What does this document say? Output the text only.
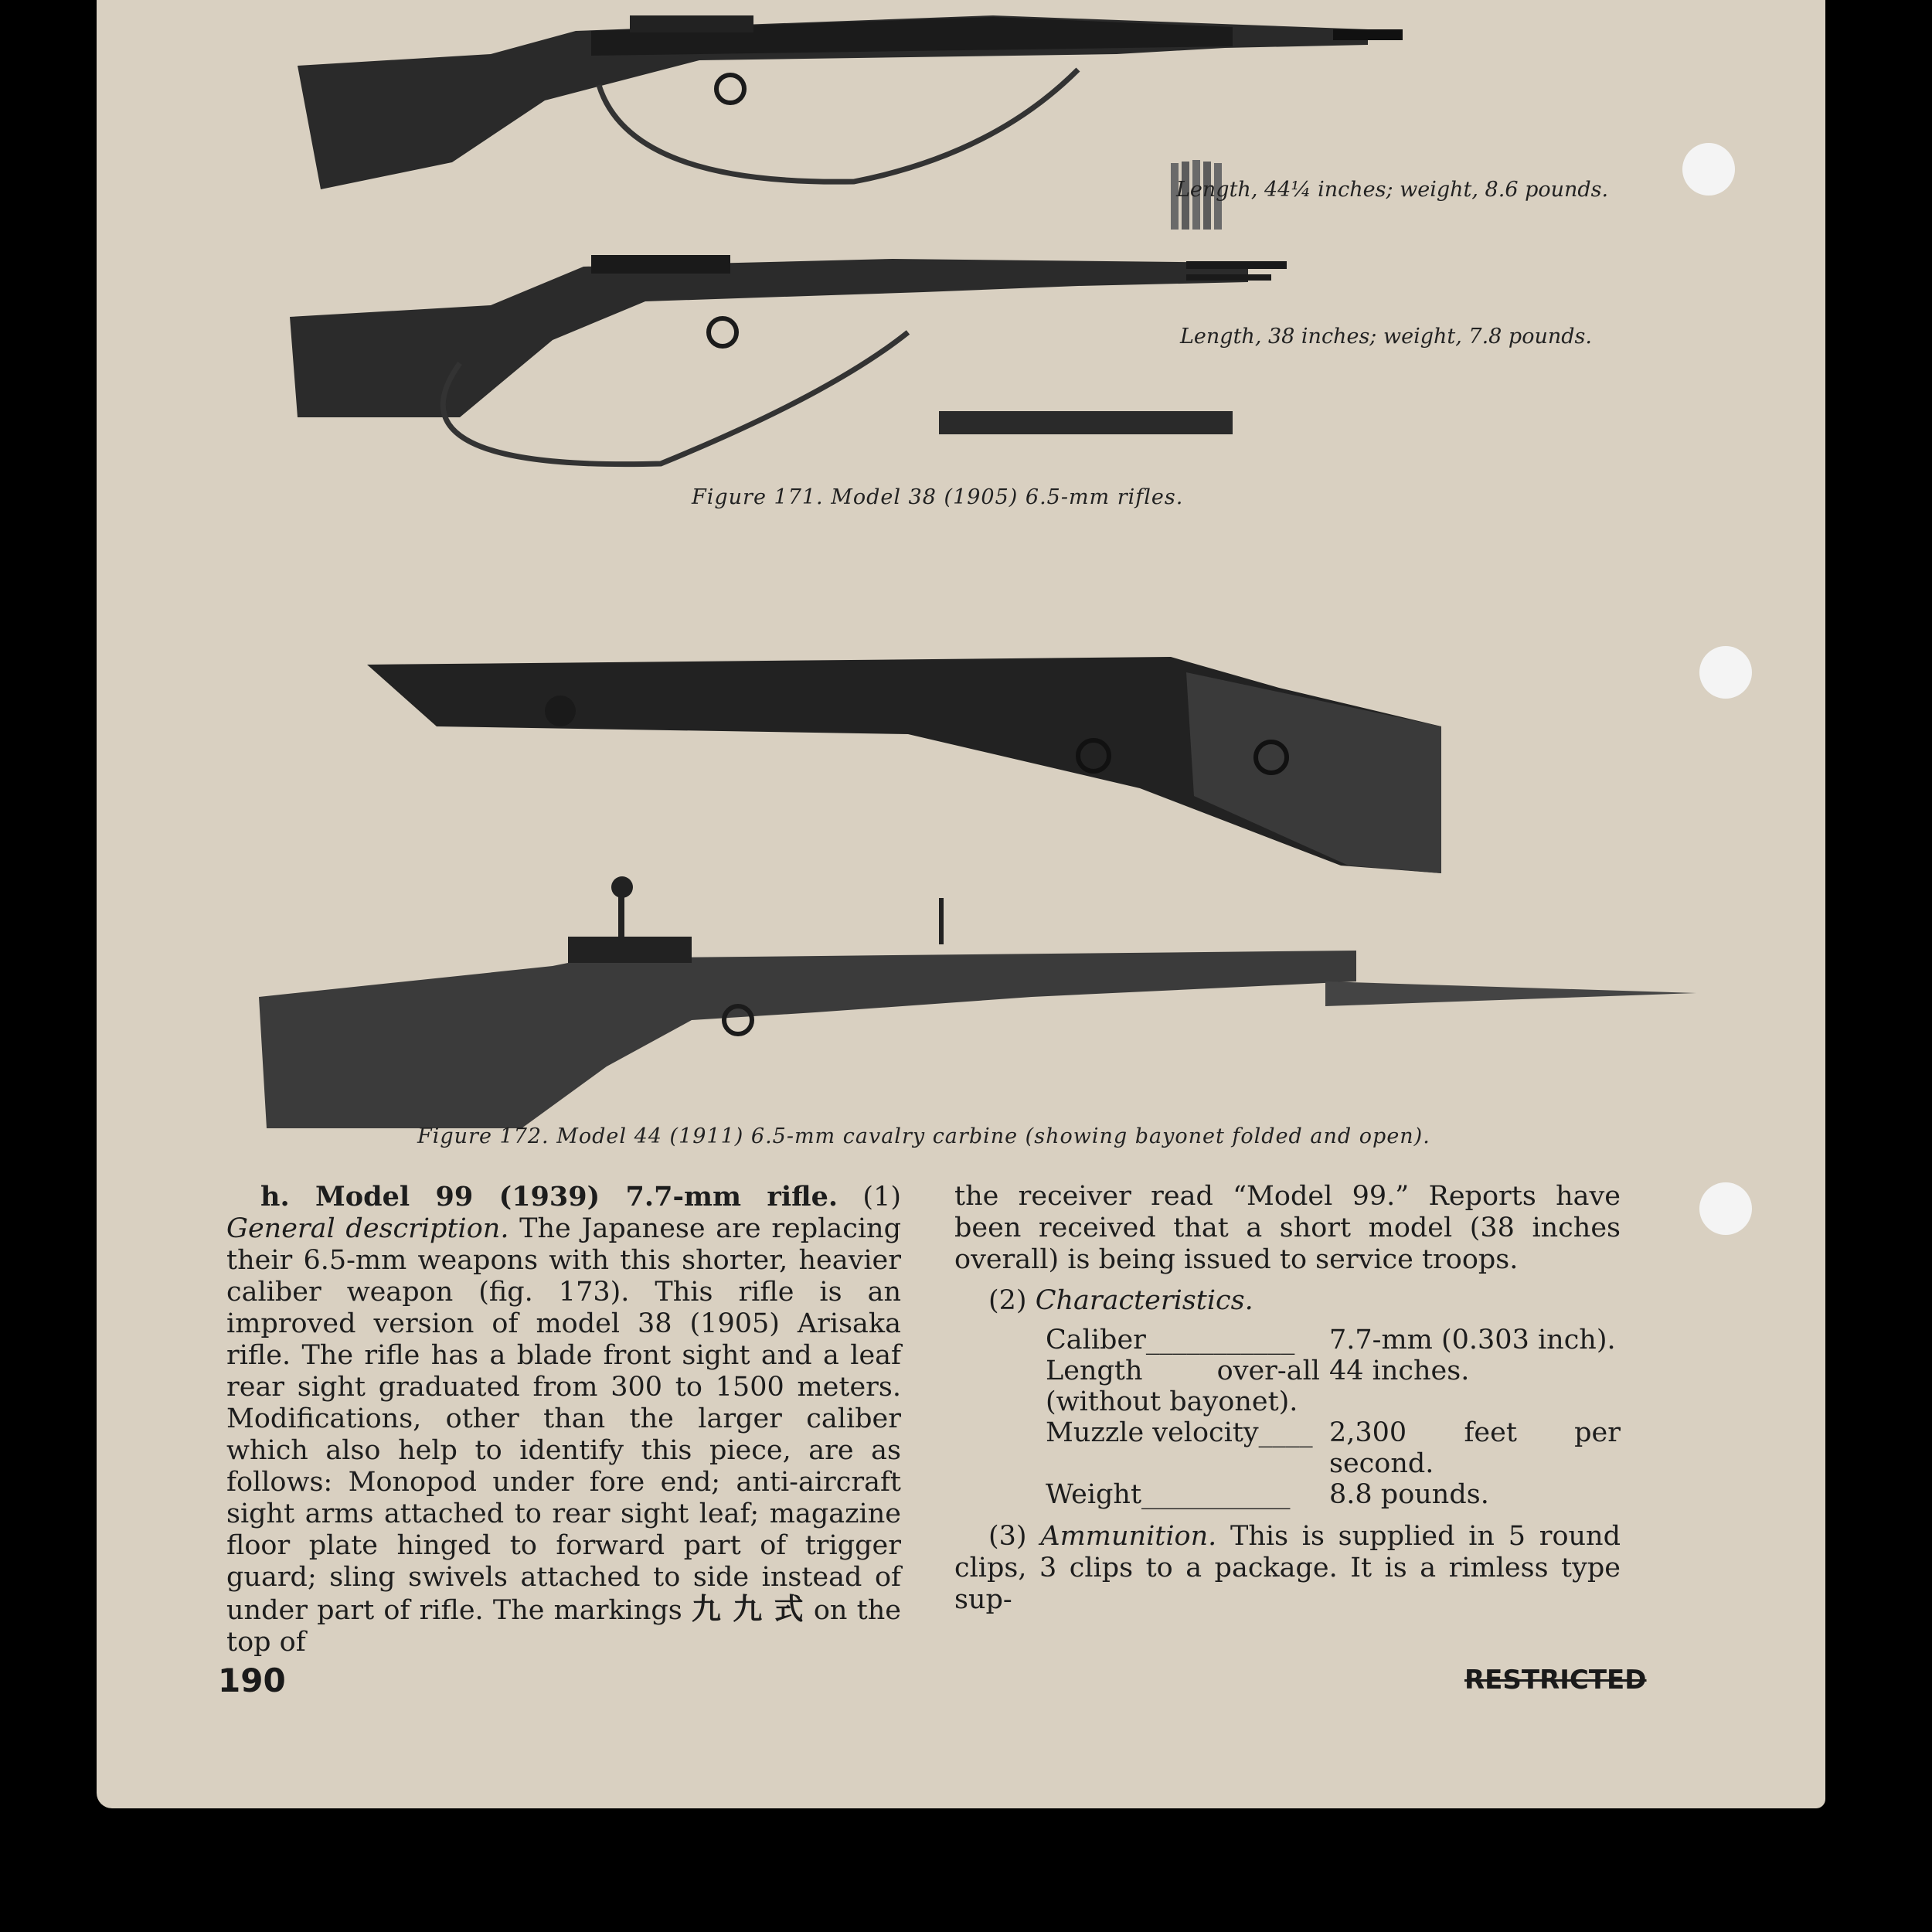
Length, 44¼ inches; weight, 8.6 pounds.
Length, 38 inches; weight, 7.8 pounds.
Figure 171. Model 38 (1905) 6.5-mm rifles.
Figure 172. Model 44 (1911) 6.5-mm cavalry carbine (showing bayonet folded and open).

h. Model 99 (1939) 7.7-mm rifle. (1) General description. The Japanese are replacing their 6.5-mm weapons with this shorter, heavier caliber weapon (fig. 173). This rifle is an improved version of model 38 (1905) Arisaka rifle. The rifle has a blade front sight and a leaf rear sight graduated from 300 to 1500 meters. Modifications, other than the larger caliber which also help to identify this piece, are as follows: Monopod under fore end; anti-aircraft sight arms attached to rear sight leaf; magazine floor plate hinged to forward part of trigger guard; sling swivels attached to side instead of under part of rifle. The markings 九 九 式 on the top of

the receiver read “Model 99.” Reports have been received that a short model (38 inches overall) is being issued to service troops.

(2) Characteristics.

Caliber___________	7.7-mm (0.303 inch).
Length over-all (without bayonet).	44 inches.
Muzzle velocity____	2,300 feet per second.
Weight___________	8.8 pounds.

(3) Ammunition. This is supplied in 5 round clips, 3 clips to a package. It is a rimless type sup-

190	RESTRICTED
